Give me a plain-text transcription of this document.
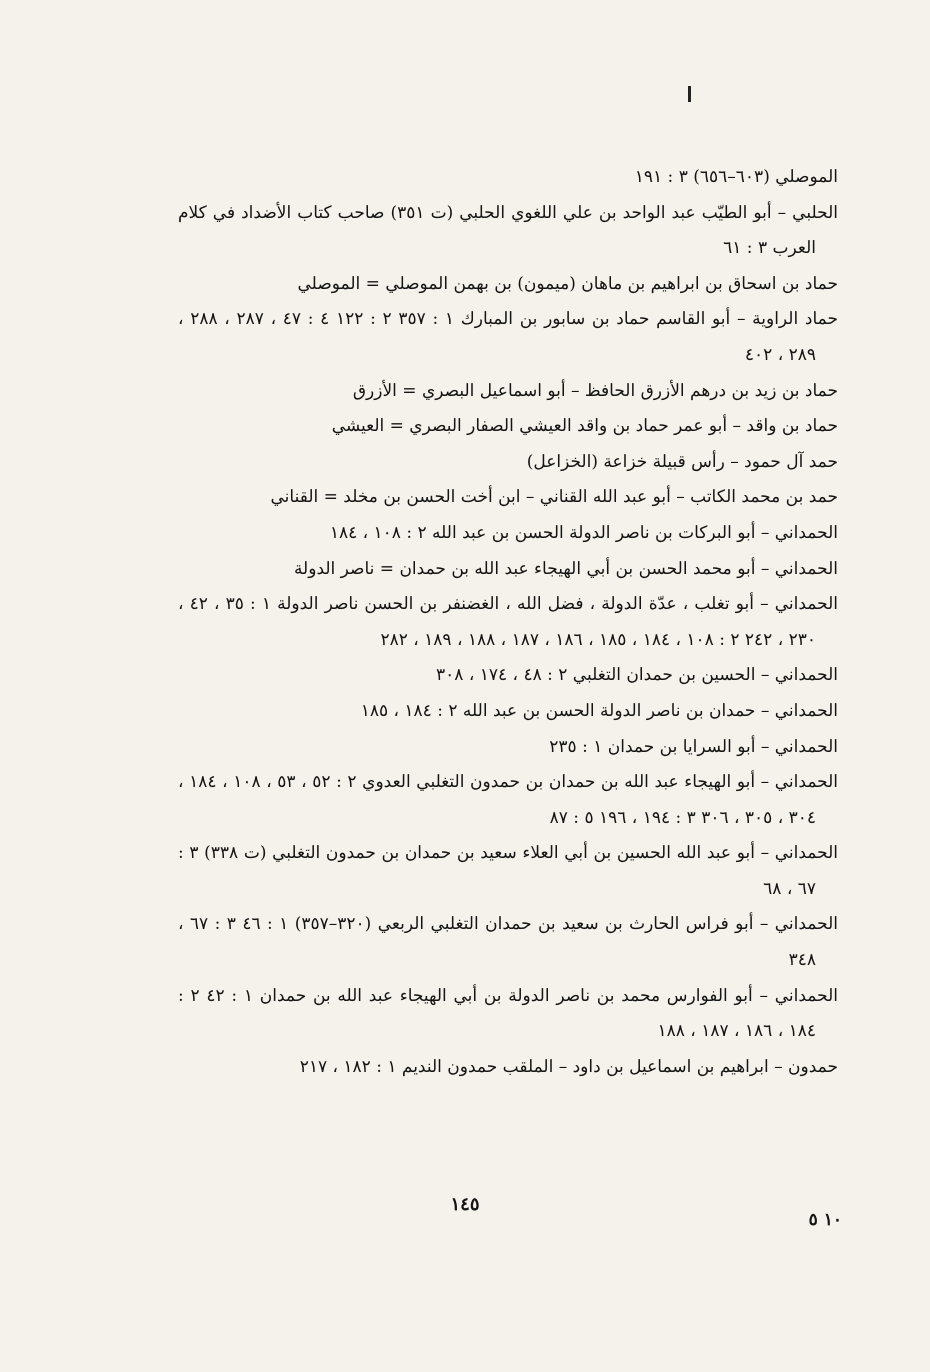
الموصلي (٦٠٣–٦٥٦) ٣ : ١٩١
الحلبي – أبو الطيّب عبد الواحد بن علي اللغوي الحلبي (ت ٣٥١) صاحب كتاب الأضداد في كلام العرب ٣ : ٦١
حماد بن اسحاق بن ابراهيم بن ماهان (ميمون) بن بهمن الموصلي = الموصلي
حماد الراوية – أبو القاسم حماد بن سابور بن المبارك ١ : ٣٥٧ ٢ : ١٢٢ ٤ : ٤٧ ، ٢٨٧ ، ٢٨٨ ، ٢٨٩ ، ٤٠٢
حماد بن زيد بن درهم الأزرق الحافظ – أبو اسماعيل البصري = الأزرق
حماد بن واقد – أبو عمر حماد بن واقد العيشي الصفار البصري = العيشي
حمد آل حمود – رأس قبيلة خزاعة (الخزاعل)
حمد بن محمد الكاتب – أبو عبد الله القناني – ابن أخت الحسن بن مخلد = القناني
الحمداني – أبو البركات بن ناصر الدولة الحسن بن عبد الله ٢ : ١٠٨ ، ١٨٤
الحمداني – أبو محمد الحسن بن أبي الهيجاء عبد الله بن حمدان = ناصر الدولة
الحمداني – أبو تغلب ، عدّة الدولة ، فضل الله ، الغضنفر بن الحسن ناصر الدولة ١ : ٣٥ ، ٤٢ ، ٢٣٠ ، ٢٤٢ ٢ : ١٠٨ ، ١٨٤ ، ١٨٥ ، ١٨٦ ، ١٨٧ ، ١٨٨ ، ١٨٩ ، ٢٨٢
الحمداني – الحسين بن حمدان التغلبي ٢ : ٤٨ ، ١٧٤ ، ٣٠٨
الحمداني – حمدان بن ناصر الدولة الحسن بن عبد الله ٢ : ١٨٤ ، ١٨٥
الحمداني – أبو السرايا بن حمدان ١ : ٢٣٥
الحمداني – أبو الهيجاء عبد الله بن حمدان بن حمدون التغلبي العدوي ٢ : ٥٢ ، ٥٣ ، ١٠٨ ، ١٨٤ ، ٣٠٤ ، ٣٠٥ ، ٣٠٦ ٣ : ١٩٤ ، ١٩٦ ٥ : ٨٧
الحمداني – أبو عبد الله الحسين بن أبي العلاء سعيد بن حمدان بن حمدون التغلبي (ت ٣٣٨) ٣ : ٦٧ ، ٦٨
الحمداني – أبو فراس الحارث بن سعيد بن حمدان التغلبي الربعي (٣٢٠–٣٥٧) ١ : ٤٦ ٣ : ٦٧ ، ٣٤٨
الحمداني – أبو الفوارس محمد بن ناصر الدولة بن أبي الهيجاء عبد الله بن حمدان ١ : ٤٢ ٢ : ١٨٤ ، ١٨٦ ، ١٨٧ ، ١٨٨
حمدون – ابراهيم بن اسماعيل بن داود – الملقب حمدون النديم ١ : ١٨٢ ، ٢١٧
١٤٥
١٠ ٥
